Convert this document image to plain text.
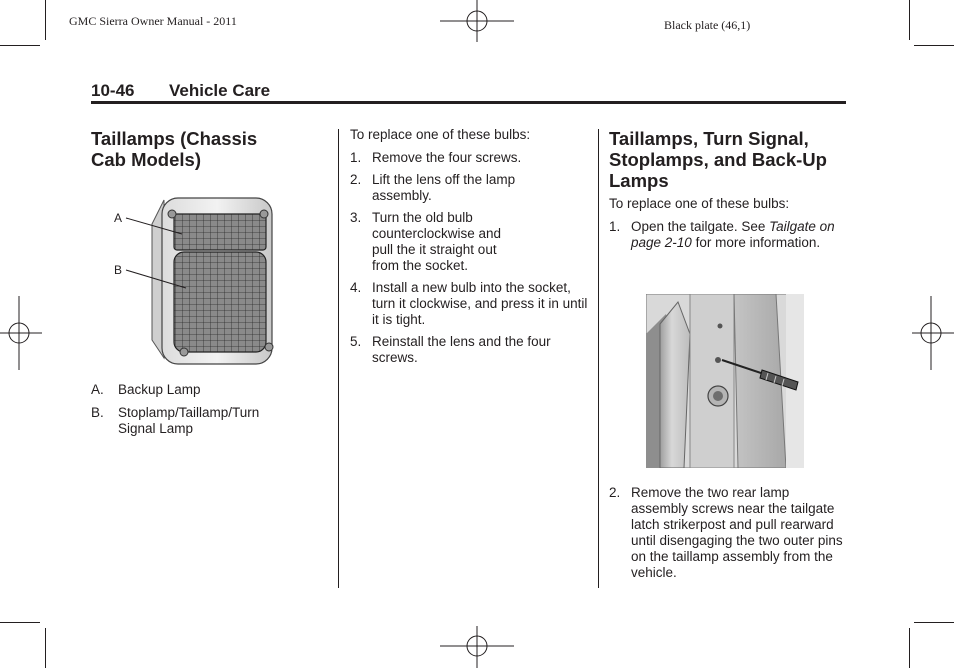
GMC Sierra Owner Manual - 2011	Black plate (46,1)
10-46 Vehicle Care
Taillamps (Chassis Cab Models)
A
B
A. Backup Lamp
B. Stoplamp/Taillamp/Turn Signal Lamp
To replace one of these bulbs:
1. Remove the four screws.
2. Lift the lens off the lamp assembly.
3. Turn the old bulb counterclockwise and pull the it straight out from the socket.
4. Install a new bulb into the socket, turn it clockwise, and press it in until it is tight.
5. Reinstall the lens and the four screws.
Taillamps, Turn Signal, Stoplamps, and Back-Up Lamps
To replace one of these bulbs:
1. Open the tailgate. See Tailgate on page 2-10 for more information.
2. Remove the two rear lamp assembly screws near the tailgate latch strikerpost and pull rearward until disengaging the two outer pins on the taillamp assembly from the vehicle.
